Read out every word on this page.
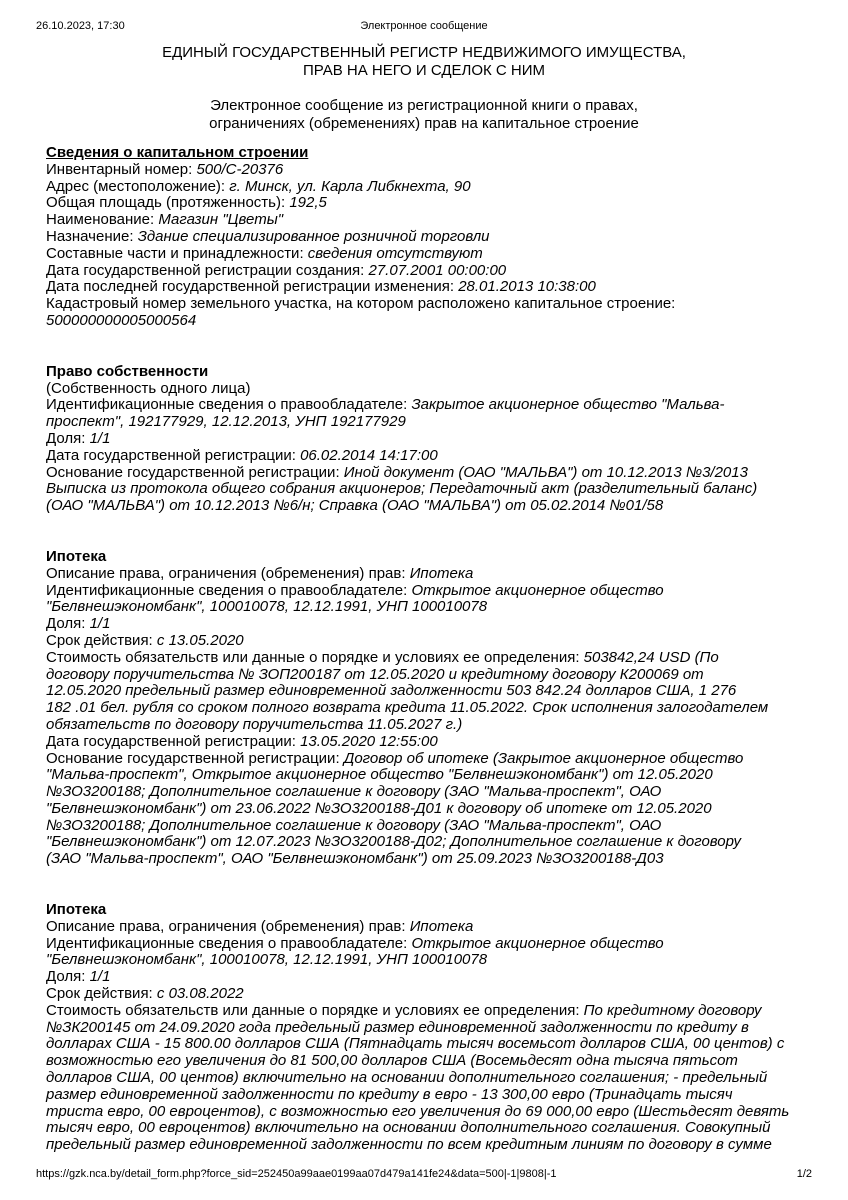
26.10.2023, 17:30	Электронное сообщение
ЕДИНЫЙ ГОСУДАРСТВЕННЫЙ РЕГИСТР НЕДВИЖИМОГО ИМУЩЕСТВА,
ПРАВ НА НЕГО И СДЕЛОК С НИМ
Электронное сообщение из регистрационной книги о правах,
ограничениях (обременениях) прав на капитальное строение
Сведения о капитальном строении
Инвентарный номер: 500/C-20376
Адрес (местоположение): г. Минск, ул. Карла Либкнехта, 90
Общая площадь (протяженность): 192,5
Наименование: Магазин "Цветы"
Назначение: Здание специализированное розничной торговли
Составные части и принадлежности: сведения отсутствуют
Дата государственной регистрации создания: 27.07.2001 00:00:00
Дата последней государственной регистрации изменения: 28.01.2013 10:38:00
Кадастровый номер земельного участка, на котором расположено капитальное строение:
500000000005000564
Право собственности
(Собственность одного лица)
Идентификационные сведения о правообладателе: Закрытое акционерное общество "Мальва-
проспект", 192177929, 12.12.2013, УНП 192177929
Доля: 1/1
Дата государственной регистрации: 06.02.2014 14:17:00
Основание государственной регистрации: Иной документ (ОАО "МАЛЬВА") от 10.12.2013 №3/2013
Выписка из протокола общего собрания акционеров; Передаточный акт (разделительный баланс)
(ОАО "МАЛЬВА") от 10.12.2013 №6/н; Справка (ОАО "МАЛЬВА") от 05.02.2014 №01/58
Ипотека
Описание права, ограничения (обременения) прав: Ипотека
Идентификационные сведения о правообладателе: Открытое акционерное общество
"Белвнешэкономбанк", 100010078, 12.12.1991, УНП 100010078
Доля: 1/1
Срок действия: с 13.05.2020
Стоимость обязательств или данные о порядке и условиях ее определения: 503842,24 USD (По
договору поручительства № ЗОП200187 от 12.05.2020 и кредитному договору К200069 от
12.05.2020 предельный размер единовременной задолженности 503 842.24 долларов США, 1 276
182 .01 бел. рубля со сроком полного возврата кредита 11.05.2022. Срок исполнения залогодателем
обязательств по договору поручительства 11.05.2027 г.)
Дата государственной регистрации: 13.05.2020 12:55:00
Основание государственной регистрации: Договор об ипотеке (Закрытое акционерное общество
"Мальва-проспект", Открытое акционерное общество "Белвнешэкономбанк") от 12.05.2020
№ЗО3200188; Дополнительное соглашение к договору (ЗАО "Мальва-проспект", ОАО
"Белвнешэкономбанк") от 23.06.2022 №ЗО3200188-Д01 к договору об ипотеке от 12.05.2020
№ЗО3200188; Дополнительное соглашение к договору (ЗАО "Мальва-проспект", ОАО
"Белвнешэкономбанк") от 12.07.2023 №ЗО3200188-Д02; Дополнительное соглашение к договору
(ЗАО "Мальва-проспект", ОАО "Белвнешэкономбанк") от 25.09.2023 №ЗО3200188-Д03
Ипотека
Описание права, ограничения (обременения) прав: Ипотека
Идентификационные сведения о правообладателе: Открытое акционерное общество
"Белвнешэкономбанк", 100010078, 12.12.1991, УНП 100010078
Доля: 1/1
Срок действия: с 03.08.2022
Стоимость обязательств или данные о порядке и условиях ее определения: По кредитному договору
№ЗК200145 от 24.09.2020 года предельный размер единовременной задолженности по кредиту в
долларах США - 15 800.00 долларов США (Пятнадцать тысяч восемьсот долларов США, 00 центов) с
возможностью его увеличения до 81 500,00 долларов США (Восемьдесят одна тысяча пятьсот
долларов США, 00 центов) включительно на основании дополнительного соглашения; - предельный
размер единовременной задолженности по кредиту в евро - 13 300,00 евро (Тринадцать тысяч
триста евро, 00 евроцентов), с возможностью его увеличения до 69 000,00 евро (Шестьдесят девять
тысяч евро, 00 евроцентов) включительно на основании дополнительного соглашения. Совокупный
предельный размер единовременной задолженности по всем кредитным линиям по договору в сумме
https://gzk.nca.by/detail_form.php?force_sid=252450a99aae0199aa07d479a141fe24&data=500|-1|9808|-1	1/2
